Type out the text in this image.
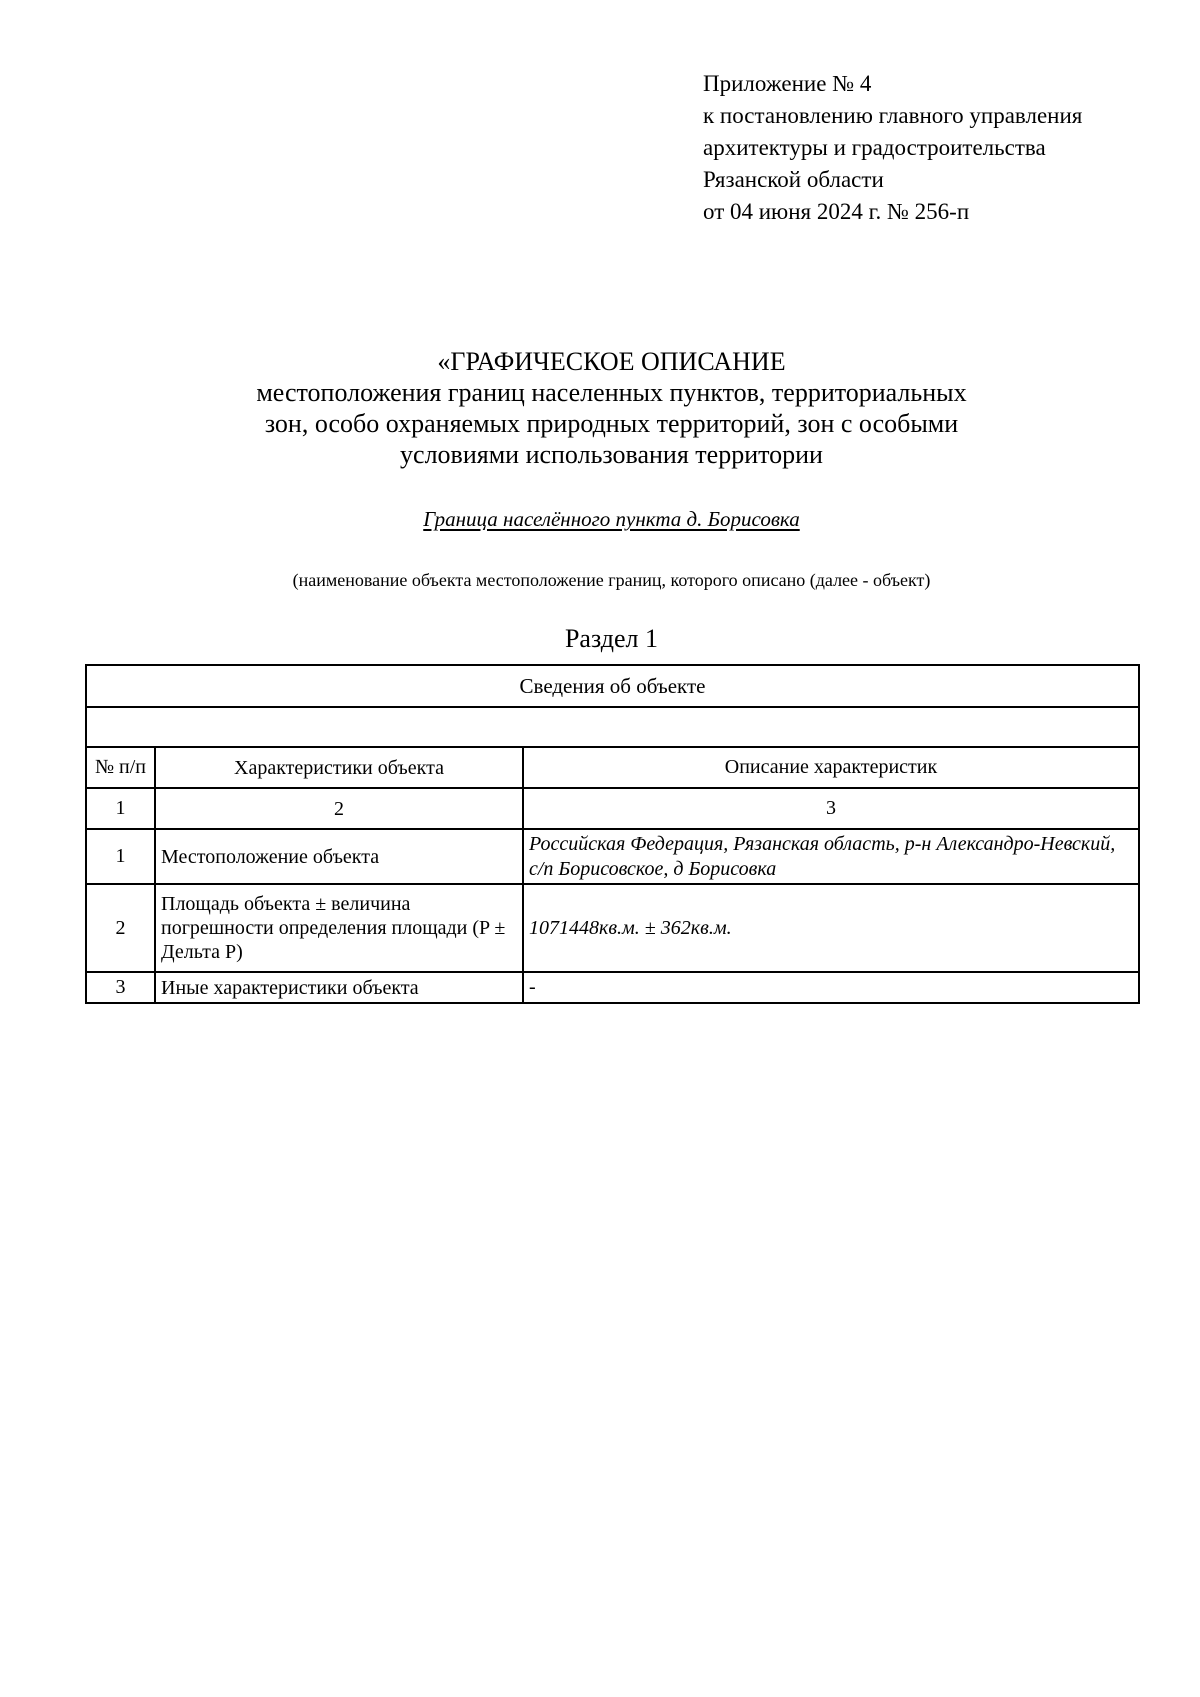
Приложение № 4
к постановлению главного управления
архитектуры и градостроительства
Рязанской области
от 04 июня 2024 г. № 256-п
«ГРАФИЧЕСКОЕ ОПИСАНИЕ
местоположения границ населенных пунктов, территориальных
зон, особо охраняемых природных территорий, зон с особыми
условиями использования территории
Граница населённого пункта д. Борисовка
(наименование объекта местоположение границ, которого описано (далее - объект)
Раздел 1
Сведения об объекте		

№ п/п	Характеристики объекта	Описание характеристик
1	2	3
1	Местоположение объекта	Российская Федерация, Рязанская область, р-н Александро-Невский, с/п Борисовское, д Борисовка
2	Площадь объекта ± величина погрешности определения площади (P ± Дельта P)	1071448кв.м. ± 362кв.м.
3	Иные характеристики объекта	-
